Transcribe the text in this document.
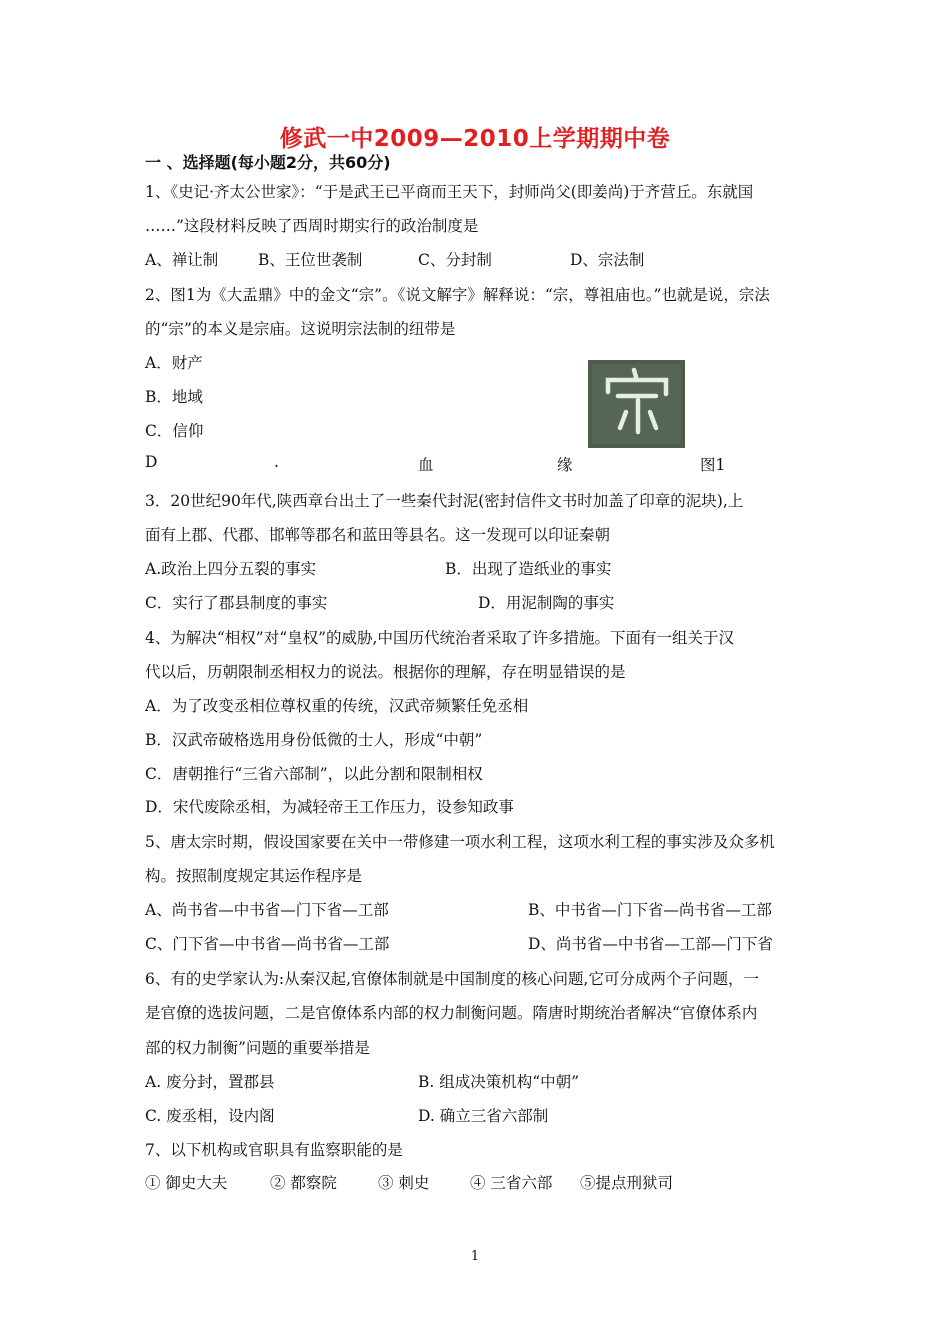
修武一中2009—2010上学期期中卷
一 、选择题(每小题2分，共60分)
1、《史记·齐太公世家》：“于是武王已平商而王天下，封师尚父(即姜尚)于齐营丘。东就国
……”这段材料反映了西周时期实行的政治制度是
A、禅让制	B、王位世袭制	C、分封制	D、宗法制
2、图1为《大盂鼎》中的金文“宗”。《说文解字》解释说：“宗，尊祖庙也。”也就是说，宗法
的“宗”的本义是宗庙。这说明宗法制的纽带是
A．财产
B．地域
C．信仰
D	.	血	缘	图1
3．20世纪90年代,陕西章台出土了一些秦代封泥(密封信件文书时加盖了印章的泥块),上
面有上郡、代郡、邯郸等郡名和蓝田等县名。这一发现可以印证秦朝
A.政治上四分五裂的事实	B．出现了造纸业的事实
C．实行了郡县制度的事实	D．用泥制陶的事实
4、为解决“相权”对“皇权”的威胁,中国历代统治者采取了许多措施。下面有一组关于汉
代以后，历朝限制丞相权力的说法。根据你的理解，存在明显错误的是
A．为了改变丞相位尊权重的传统，汉武帝频繁任免丞相
B．汉武帝破格选用身份低微的士人，形成“中朝”
C．唐朝推行“三省六部制”，以此分割和限制相权
D．宋代废除丞相，为减轻帝王工作压力，设参知政事
5、唐太宗时期，假设国家要在关中一带修建一项水利工程，这项水利工程的事实涉及众多机
构。按照制度规定其运作程序是
A、尚书省—中书省—门下省—工部	B、中书省—门下省—尚书省—工部
C、门下省—中书省—尚书省—工部	D、尚书省—中书省—工部—门下省
6、有的史学家认为:从秦汉起,官僚体制就是中国制度的核心问题,它可分成两个子问题，一
是官僚的选拔问题，二是官僚体系内部的权力制衡问题。隋唐时期统治者解决“官僚体系内
部的权力制衡”问题的重要举措是
A. 废分封，置郡县	B. 组成决策机构“中朝”
C. 废丞相，设内阁	D. 确立三省六部制
7、以下机构或官职具有监察职能的是
① 御史大夫	② 都察院	③ 刺史	④ 三省六部 ⑤提点刑狱司
1
